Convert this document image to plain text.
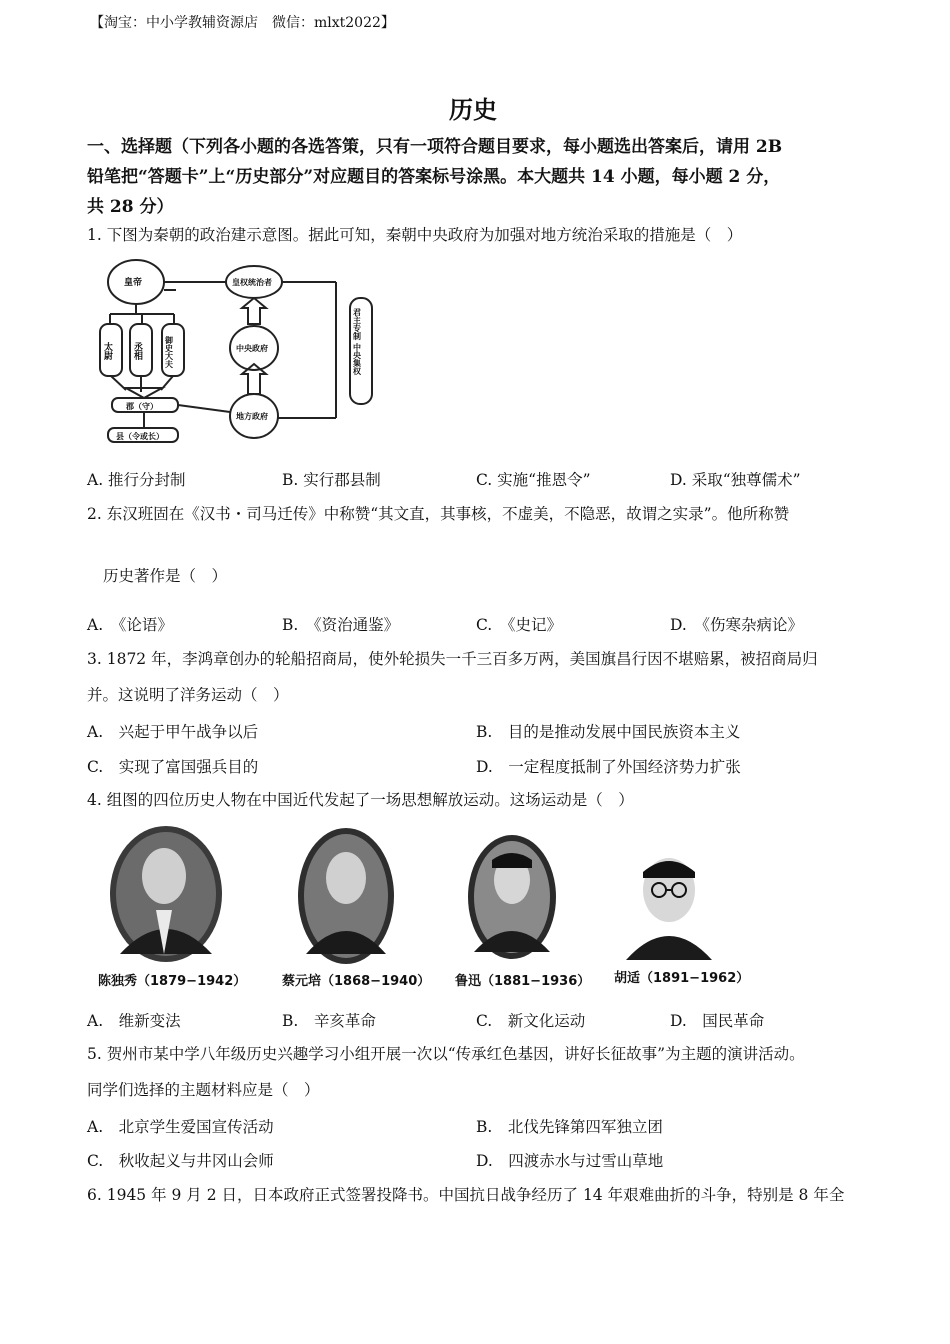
【淘宝：中小学教辅资源店　微信：mlxt2022】
历史
一、选择题（下列各小题的各选答策，只有一项符合题目要求，每小题选出答案后，请用 2B
铅笔把“答题卡”上“历史部分”对应题目的答案标号涂黑。本大题共 14 小题，每小题 2 分，
共 28 分）
1. 下图为秦朝的政治建示意图。据此可知，秦朝中央政府为加强对地方统治采取的措施是（　）
皇帝
太尉 丞相	御史大夫
郡（守）
县（令或长）
皇权统治者
中央政府
地方政府
君主专制 中央集权
A. 推行分封制	B. 实行郡县制	C. 实施“推恩令”	D. 采取“独尊儒术”
2. 东汉班固在《汉书・司马迁传》中称赞“其文直，其事核，不虚美，不隐恶，故谓之实录”。他所称赞
历史著作是（　）
A.　《论语》	B.　《资治通鉴》	C.　《史记》	D.　《伤寒杂病论》
3. 1872 年，李鸿章创办的轮船招商局，使外轮损失一千三百多万两，美国旗昌行因不堪赔累，被招商局归
并。这说明了洋务运动（　）
A.　兴起于甲午战争以后	B.　目的是推动发展中国民族资本主义
C.　实现了富国强兵目的	D.　一定程度抵制了外国经济势力扩张
4. 组图的四位历史人物在中国近代发起了一场思想解放运动。这场运动是（　）
陈独秀（1879−1942）	蔡元培（1868−1940） 鲁迅（1881−1936） 胡适（1891−1962）
A.　维新变法	B.　辛亥革命	C.　新文化运动	D.　国民革命
5. 贺州市某中学八年级历史兴趣学习小组开展一次以“传承红色基因，讲好长征故事”为主题的演讲活动。
同学们选择的主题材料应是（　）
A.　北京学生爱国宣传活动	B.　北伐先锋第四军独立团
C.　秋收起义与井冈山会师	D.　四渡赤水与过雪山草地
6. 1945 年 9 月 2 日，日本政府正式签署投降书。中国抗日战争经历了 14 年艰难曲折的斗争，特别是 8 年全
